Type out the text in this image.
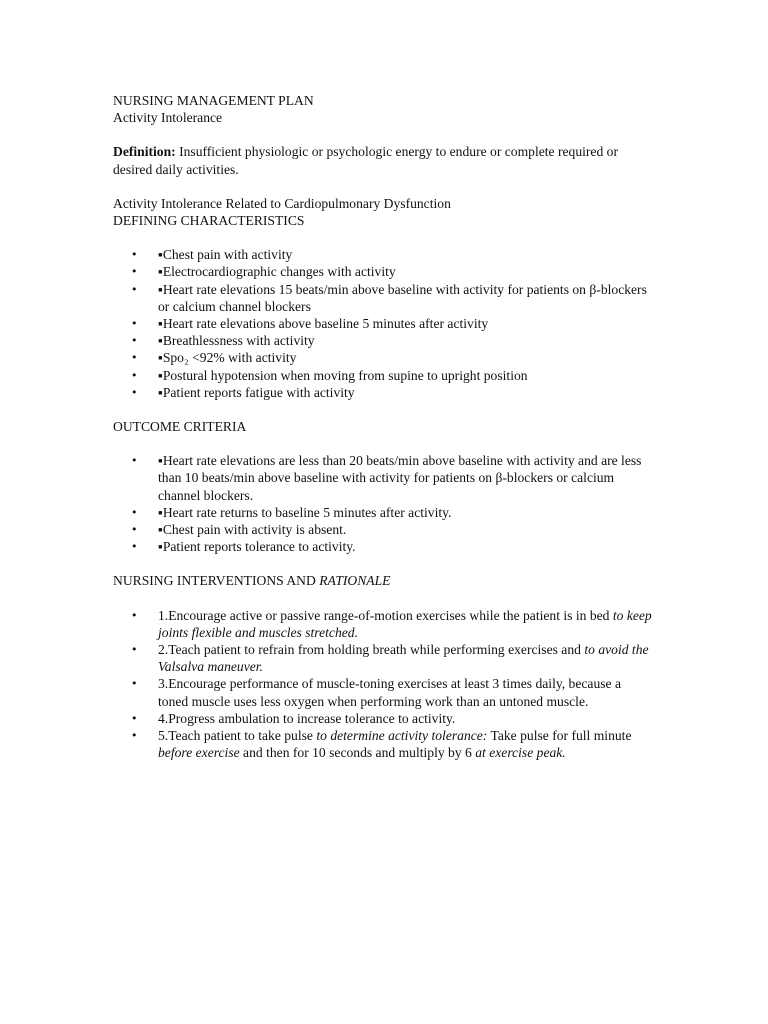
NURSING MANAGEMENT PLAN
Activity Intolerance
Definition: Insufficient physiologic or psychologic energy to endure or complete required or desired daily activities.
Activity Intolerance Related to Cardiopulmonary Dysfunction
DEFINING CHARACTERISTICS
• ▪Chest pain with activity
• ▪Electrocardiographic changes with activity
• ▪Heart rate elevations 15 beats/min above baseline with activity for patients on β-blockers or calcium channel blockers
• ▪Heart rate elevations above baseline 5 minutes after activity
• ▪Breathlessness with activity
• ▪Spo₂ <92% with activity
• ▪Postural hypotension when moving from supine to upright position
• ▪Patient reports fatigue with activity
OUTCOME CRITERIA
• ▪Heart rate elevations are less than 20 beats/min above baseline with activity and are less than 10 beats/min above baseline with activity for patients on β-blockers or calcium channel blockers.
• ▪Heart rate returns to baseline 5 minutes after activity.
• ▪Chest pain with activity is absent.
• ▪Patient reports tolerance to activity.
NURSING INTERVENTIONS AND RATIONALE
• 1.Encourage active or passive range-of-motion exercises while the patient is in bed to keep joints flexible and muscles stretched.
• 2.Teach patient to refrain from holding breath while performing exercises and to avoid the Valsalva maneuver.
• 3.Encourage performance of muscle-toning exercises at least 3 times daily, because a toned muscle uses less oxygen when performing work than an untoned muscle.
• 4.Progress ambulation to increase tolerance to activity.
• 5.Teach patient to take pulse to determine activity tolerance: Take pulse for full minute before exercise and then for 10 seconds and multiply by 6 at exercise peak.
